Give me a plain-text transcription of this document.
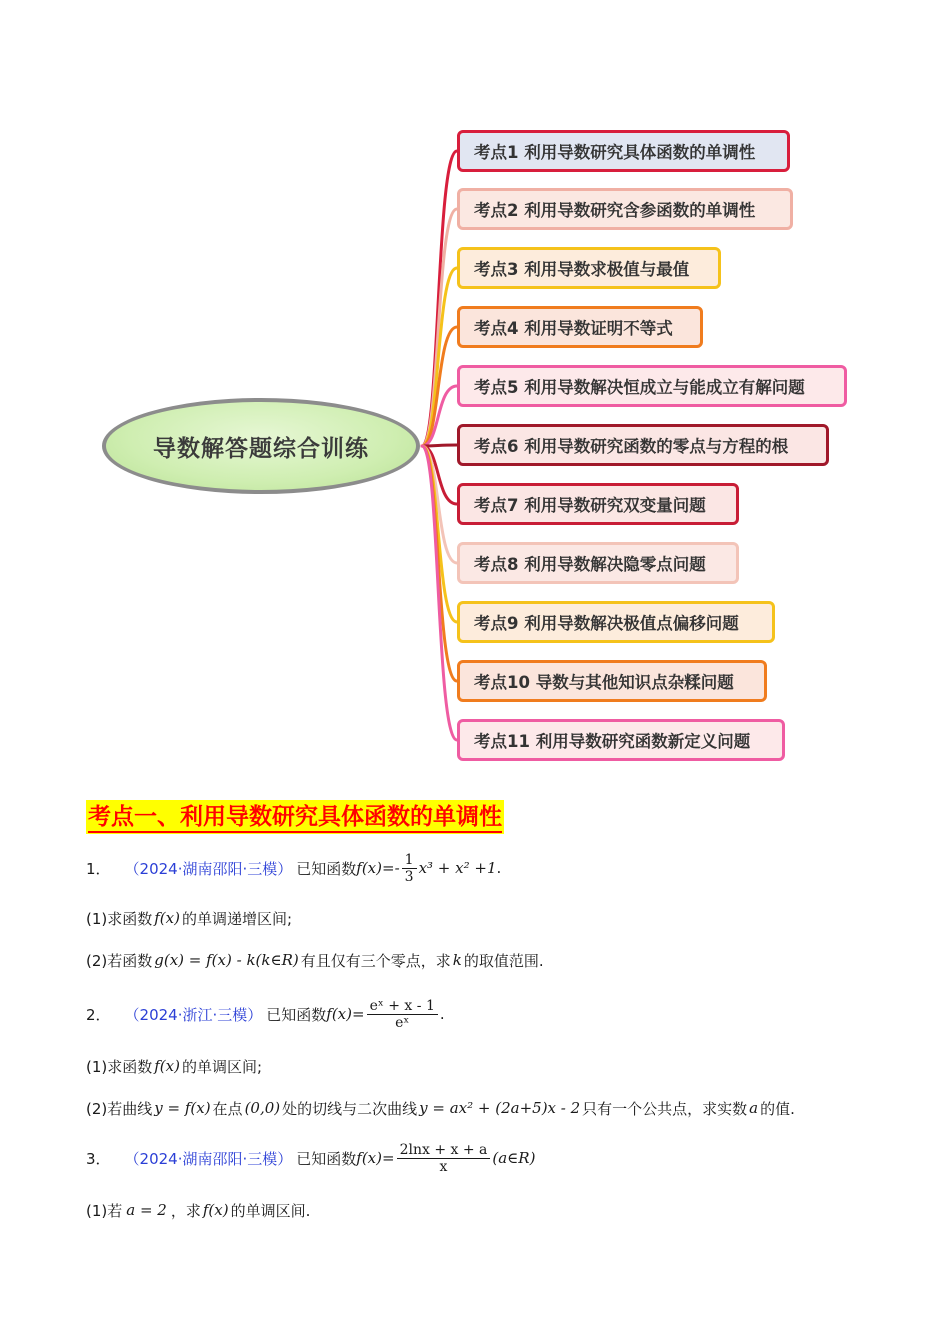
导数解答题综合训练
考点1 利用导数研究具体函数的单调性
考点2 利用导数研究含参函数的单调性
考点3 利用导数求极值与最值
考点4 利用导数证明不等式
考点5 利用导数解决恒成立与能成立有解问题
考点6 利用导数研究函数的零点与方程的根
考点7 利用导数研究双变量问题
考点8 利用导数解决隐零点问题
考点9 利用导数解决极值点偏移问题
考点10 导数与其他知识点杂糅问题
考点11 利用导数研究函数新定义问题
考点一、利用导数研究具体函数的单调性
1． （2024·湖南邵阳·三模） 已知函数 $f(x)=- \frac{1}{3} x^3 + x^2 +1$ .
(1)求函数 f(x) 的单调递增区间;
(2)若函数 g(x) = f(x) - k(k∈R) 有且仅有三个零点，求 k 的取值范围.
2． （2024·浙江·三模） 已知函数 $f(x)= \frac{\text{eˣ + x - 1}}{\text{eˣ}}$ .
(1)求函数 f(x) 的单调区间;
(2)若曲线 y = f(x) 在点 (0,0) 处的切线与二次曲线 y = ax² + (2a+5)x - 2 只有一个公共点，求实数 a 的值.
3． （2024·湖南邵阳·三模） 已知函数 $f(x)= \frac{2\ln x + x + a}{x}$ (a∈R)
(1)若 a = 2 ，求 f(x) 的单调区间.
